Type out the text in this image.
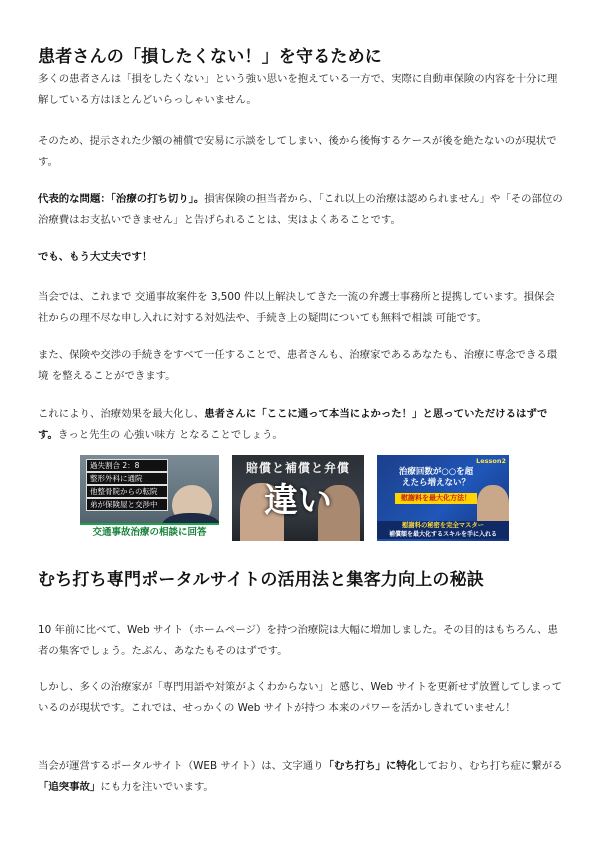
患者さんの「損したくない！」を守るために
多くの患者さんは「損をしたくない」という強い思いを抱えている一方で、実際に自動車保険の内容を十分に理解している方はほとんどいらっしゃいません。
そのため、提示された少額の補償で安易に示談をしてしまい、後から後悔するケースが後を絶たないのが現状です。
代表的な問題：「治療の打ち切り」。損害保険の担当者から、「これ以上の治療は認められません」や「その部位の治療費はお支払いできません」と告げられることは、実はよくあることです。
でも、もう大丈夫です！
当会では、これまで 交通事故案件を 3,500 件以上解決してきた一流の弁護士事務所と提携しています。損保会社からの理不尽な申し入れに対する対処法や、手続き上の疑問についても無料で相談 可能です。
また、保険や交渉の手続きをすべて一任することで、患者さんも、治療家であるあなたも、治療に専念できる環境 を整えることができます。
これにより、治療効果を最大化し、患者さんに「ここに通って本当によかった！」と思っていただけるはずです。きっと先生の 心強い味方 となることでしょう。
過失割合 2：8
整形外科に通院
他整骨院からの転院
弟が保険屋と交渉中
交通事故治療の相談に回答
賠償と補償と弁償
違い
Lesson2
治療回数が○○を超えたら増えない？
慰謝料を最大化方法！
慰謝料の秘密を完全マスター
補償額を最大化するスキルを手に入れる
むち打ち専門ポータルサイトの活用法と集客力向上の秘訣
10 年前に比べて、Web サイト（ホームページ）を持つ治療院は大幅に増加しました。その目的はもちろん、患者の集客でしょう。たぶん、あなたもそのはずです。
しかし、多くの治療家が「専門用語や対策がよくわからない」と感じ、Web サイトを更新せず放置してしまっているのが現状です。これでは、せっかくの Web サイトが持つ 本来のパワーを活かしきれていません！
当会が運営するポータルサイト（WEB サイト）は、文字通り「むち打ち」に特化しており、むち打ち症に繋がる「追突事故」にも力を注いでいます。
